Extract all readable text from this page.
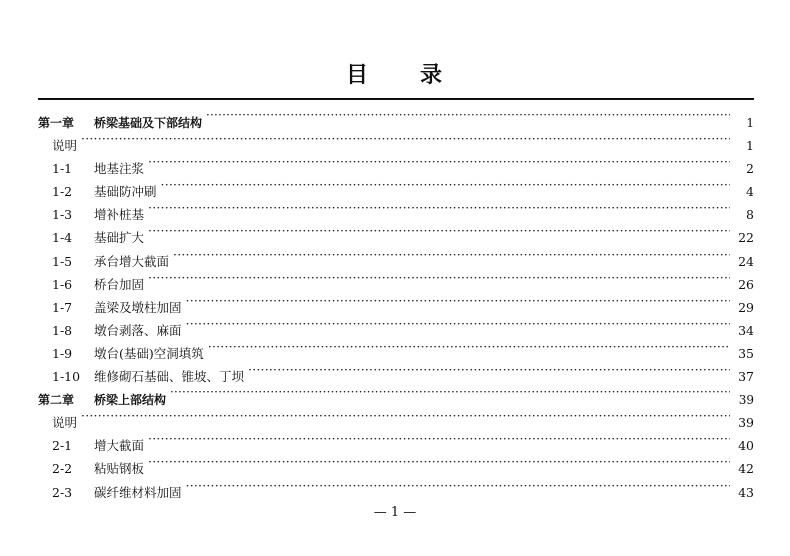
目 录
第一章	桥梁基础及下部结构 ·····	1
说明 ·····	1
1-1	地基注浆 ·····	2
1-2	基础防冲刷 ·····	4
1-3	增补桩基 ·····	8
1-4	基础扩大 ·····	22
1-5	承台增大截面 ·····	24
1-6	桥台加固 ·····	26
1-7	盖梁及墩柱加固 ·····	29
1-8	墩台剥落、麻面 ·····	34
1-9	墩台(基础)空洞填筑 ·····	35
1-10	维修砌石基础、锥坡、丁坝 ·····	37
第二章	桥梁上部结构 ·····	39
说明 ·····	39
2-1	增大截面 ·····	40
2-2	粘贴钢板 ·····	42
2-3	碳纤维材料加固 ·····	43
— 1 —
